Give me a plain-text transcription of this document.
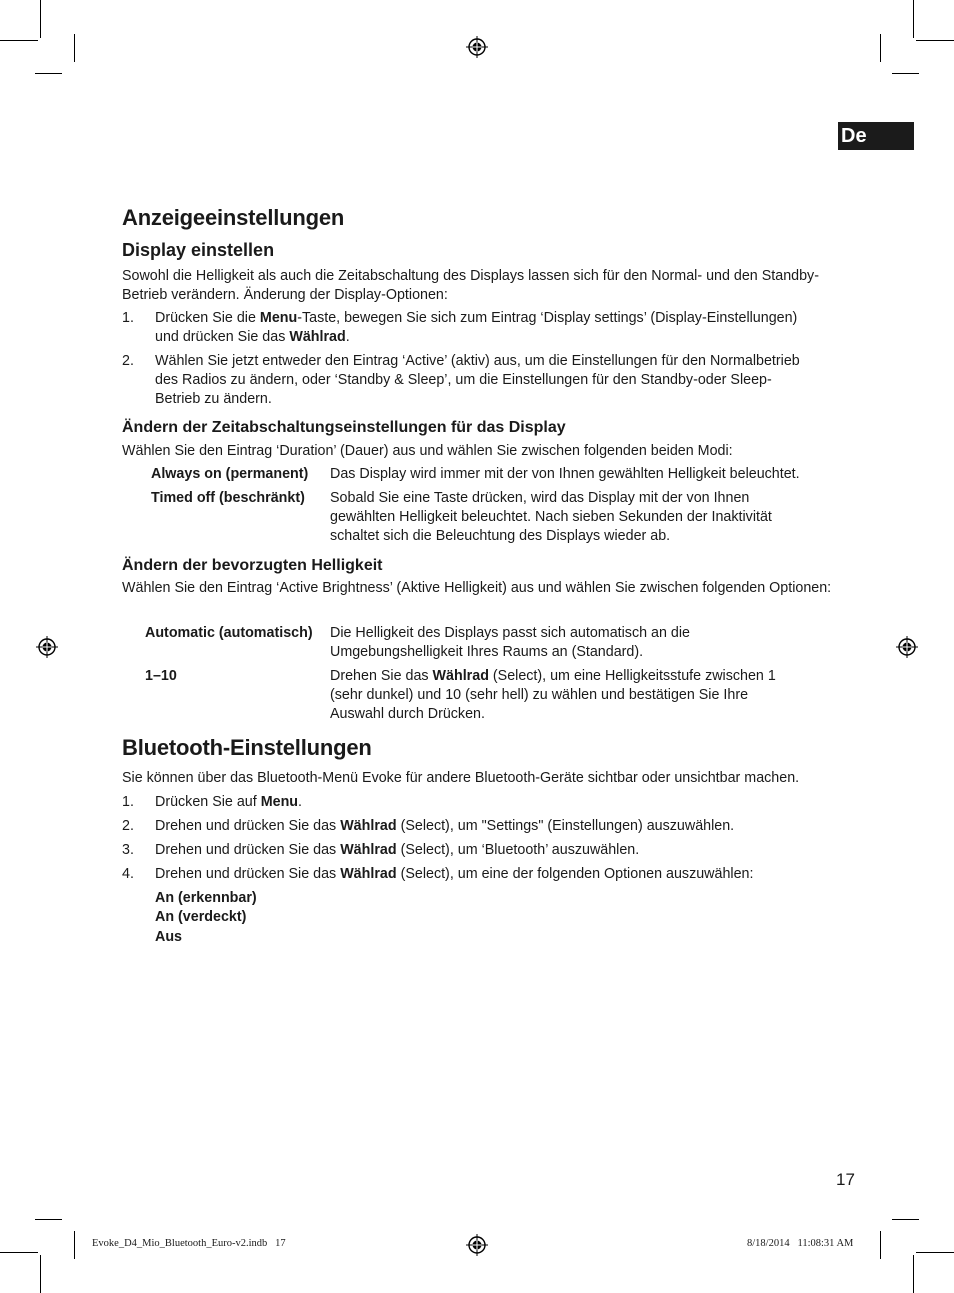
De
Anzeigeeinstellungen
Display einstellen
Sowohl die Helligkeit als auch die Zeitabschaltung des Displays lassen sich für den Normal- und den Standby-Betrieb verändern. Änderung der Display-Optionen:
1. Drücken Sie die Menu-Taste, bewegen Sie sich zum Eintrag ‘Display settings’ (Display-Einstellungen) und drücken Sie das Wählrad.
2. Wählen Sie jetzt entweder den Eintrag ‘Active’ (aktiv) aus, um die Einstellungen für den Normalbetrieb des Radios zu ändern, oder ‘Standby & Sleep’, um die Einstellungen für den Standby-oder Sleep-Betrieb zu ändern.
Ändern der Zeitabschaltungseinstellungen für das Display
Wählen Sie den Eintrag ‘Duration’ (Dauer) aus und wählen Sie zwischen folgenden beiden Modi:
Always on (permanent) Das Display wird immer mit der von Ihnen gewählten Helligkeit beleuchtet.
Timed off (beschränkt) Sobald Sie eine Taste drücken, wird das Display mit der von Ihnen gewählten Helligkeit beleuchtet. Nach sieben Sekunden der Inaktivität schaltet sich die Beleuchtung des Displays wieder ab.
Ändern der bevorzugten Helligkeit
Wählen Sie den Eintrag ‘Active Brightness’ (Aktive Helligkeit) aus und wählen Sie zwischen folgenden Optionen:
Automatic (automatisch) Die Helligkeit des Displays passt sich automatisch an die Umgebungshelligkeit Ihres Raums an (Standard).
1–10	Drehen Sie das Wählrad (Select), um eine Helligkeitsstufe zwischen 1 (sehr dunkel) und 10 (sehr hell) zu wählen und bestätigen Sie Ihre Auswahl durch Drücken.
Bluetooth-Einstellungen
Sie können über das Bluetooth-Menü Evoke für andere Bluetooth-Geräte sichtbar oder unsichtbar machen.
1. Drücken Sie auf Menu.
2. Drehen und drücken Sie das Wählrad (Select), um "Settings" (Einstellungen) auszuwählen.
3. Drehen und drücken Sie das Wählrad (Select), um ‘Bluetooth’ auszuwählen.
4. Drehen und drücken Sie das Wählrad (Select), um eine der folgenden Optionen auszuwählen:
An (erkennbar)
An (verdeckt)
Aus
17
Evoke_D4_Mio_Bluetooth_Euro-v2.indb   17	8/18/2014   11:08:31 AM
